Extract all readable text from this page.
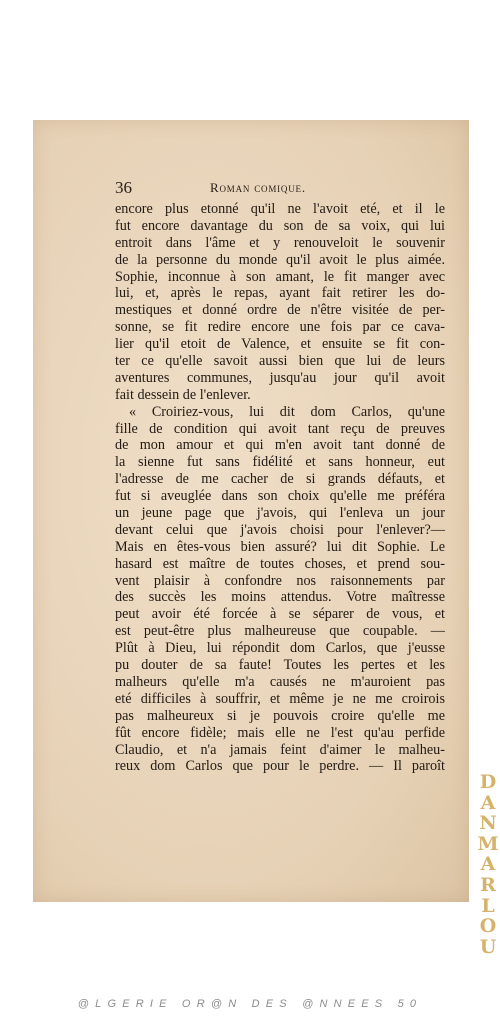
36	Roman comique.
encore plus etonné qu'il ne l'avoit eté, et il le
fut encore davantage du son de sa voix, qui lui
entroit dans l'âme et y renouveloit le souvenir
de la personne du monde qu'il avoit le plus aimée.
Sophie, inconnue à son amant, le fit manger avec
lui, et, après le repas, ayant fait retirer les do-
mestiques et donné ordre de n'être visitée de per-
sonne, se fit redire encore une fois par ce cava-
lier qu'il etoit de Valence, et ensuite se fit con-
ter ce qu'elle savoit aussi bien que lui de leurs
aventures communes, jusqu'au jour qu'il avoit
fait dessein de l'enlever.
« Croiriez-vous, lui dit dom Carlos, qu'une
fille de condition qui avoit tant reçu de preuves
de mon amour et qui m'en avoit tant donné de
la sienne fut sans fidélité et sans honneur, eut
l'adresse de me cacher de si grands défauts, et
fut si aveuglée dans son choix qu'elle me préféra
un jeune page que j'avois, qui l'enleva un jour
devant celui que j'avois choisi pour l'enlever?—
Mais en êtes-vous bien assuré? lui dit Sophie. Le
hasard est maître de toutes choses, et prend sou-
vent plaisir à confondre nos raisonnements par
des succès les moins attendus. Votre maîtresse
peut avoir été forcée à se séparer de vous, et
est peut-être plus malheureuse que coupable. —
Plût à Dieu, lui répondit dom Carlos, que j'eusse
pu douter de sa faute! Toutes les pertes et les
malheurs qu'elle m'a causés ne m'auroient pas
eté difficiles à souffrir, et même je ne me croirois
pas malheureux si je pouvois croire qu'elle me
fût encore fidèle; mais elle ne l'est qu'au perfide
Claudio, et n'a jamais feint d'aimer le malheu-
reux dom Carlos que pour le perdre. — Il paroît
D
A
N
M
A
R
L
O
U
@LGERIE OR@N DES @NNEES 50
